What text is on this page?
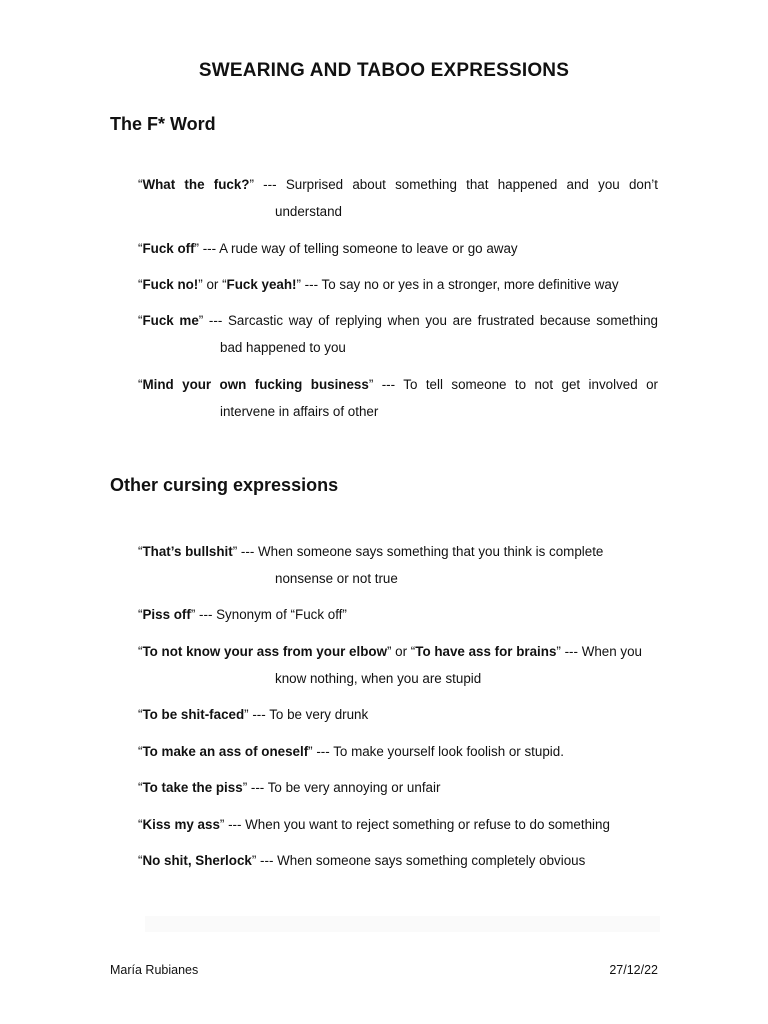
SWEARING AND TABOO EXPRESSIONS
The F* Word
“What the fuck?” --- Surprised about something that happened and you don’t
understand
“Fuck off” --- A rude way of telling someone to leave or go away
“Fuck no!” or “Fuck yeah!” --- To say no or yes in a stronger, more definitive way
“Fuck me” --- Sarcastic way of replying when you are frustrated because something
bad happened to you
“Mind your own fucking business” --- To tell someone to not get involved or
intervene in affairs of other
Other cursing expressions
“That’s bullshit” --- When someone says something that you think is complete
nonsense or not true
“Piss off” --- Synonym of “Fuck off”
“To not know your ass from your elbow” or “To have ass for brains” --- When you
know nothing, when you are stupid
“To be shit-faced” --- To be very drunk
“To make an ass of oneself” --- To make yourself look foolish or stupid.
“To take the piss” --- To be very annoying or unfair
“Kiss my ass” --- When you want to reject something or refuse to do something
“No shit, Sherlock” --- When someone says something completely obvious
María Rubianes	27/12/22
